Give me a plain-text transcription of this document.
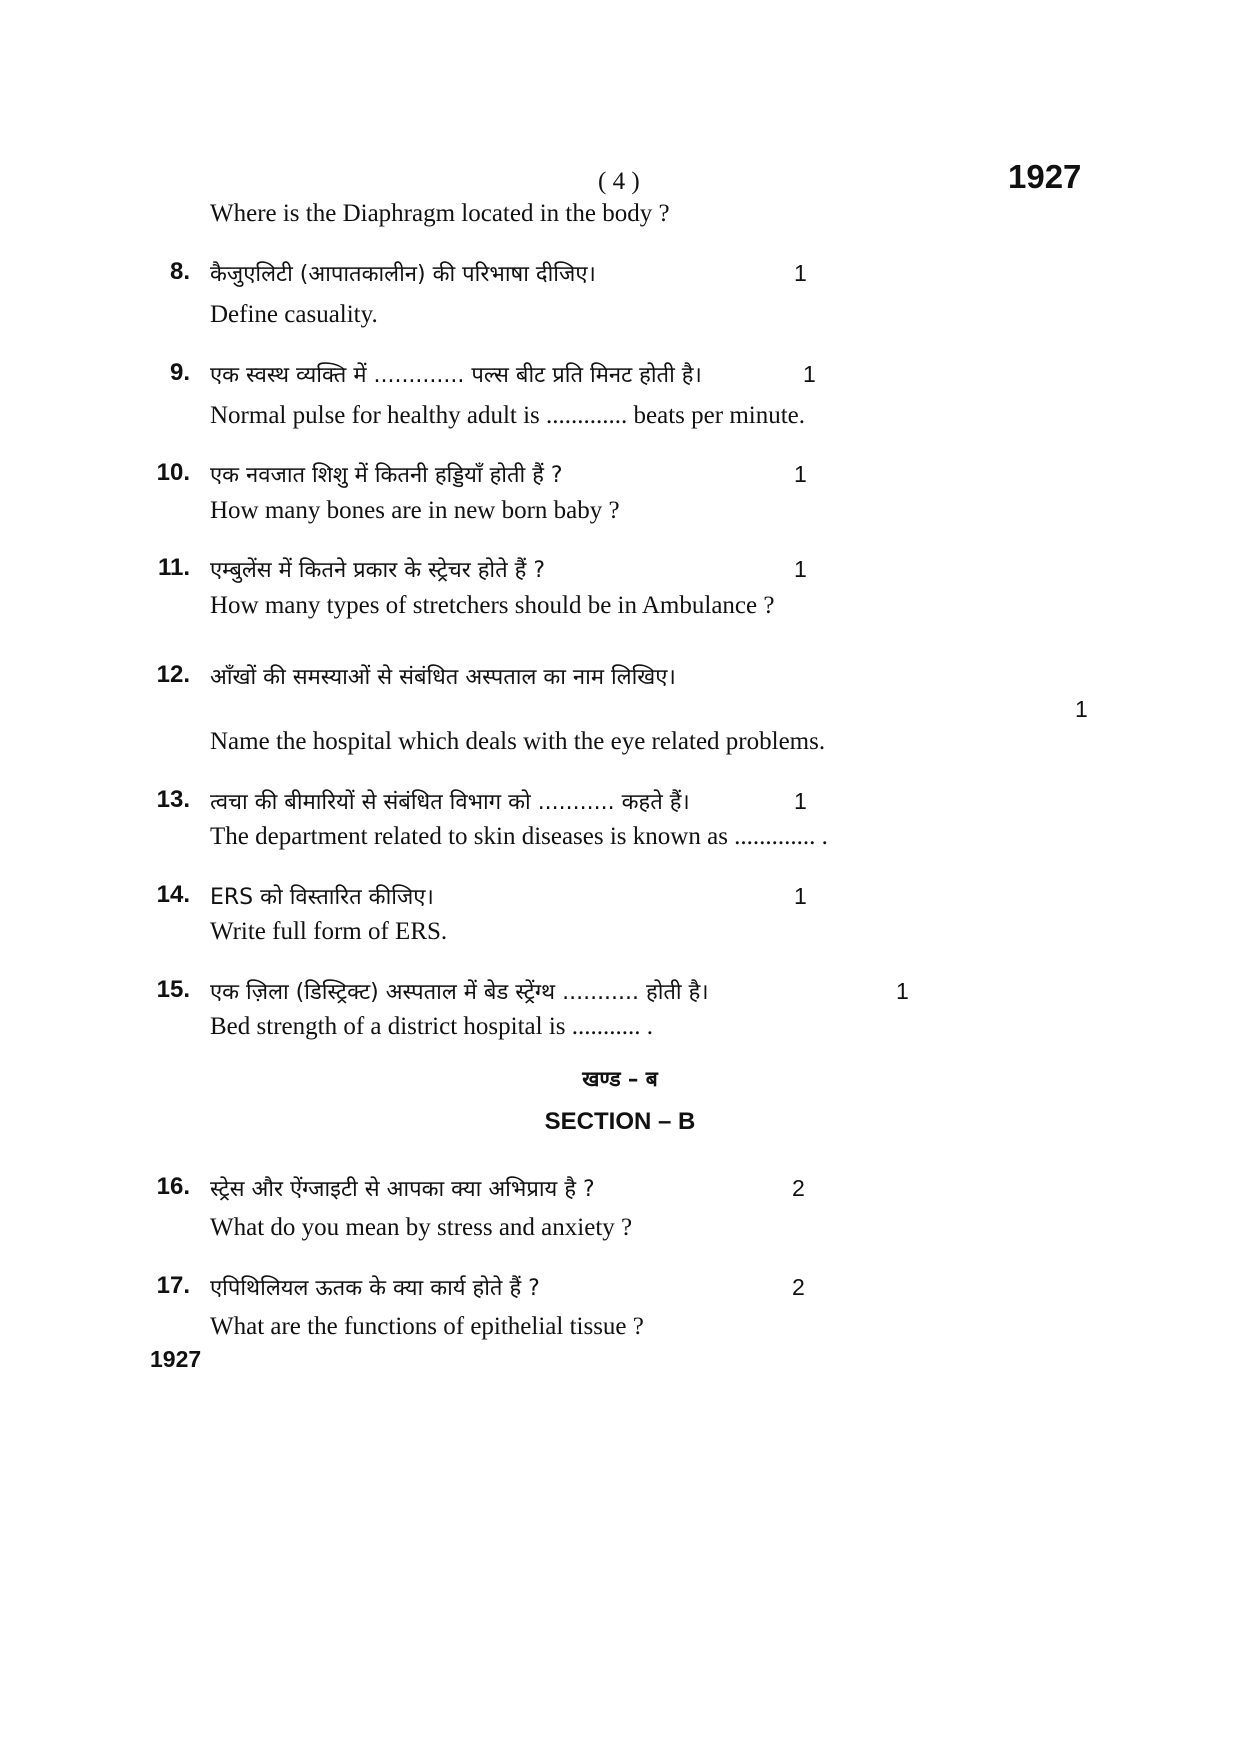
( 4 )	1927
Where is the Diaphragm located in the body ?
8. कैजुएलिटी (आपातकालीन) की परिभाषा दीजिए।	1
Define casuality.
9. एक स्वस्थ व्यक्ति में ............. पल्स बीट प्रति मिनट होती है।	1
Normal pulse for healthy adult is ............. beats per minute.
10. एक नवजात शिशु में कितनी हड्डियाँ होती हैं ?	1
How many bones are in new born baby ?
11. एम्बुलेंस में कितने प्रकार के स्ट्रेचर होते हैं ?	1
How many types of stretchers should be in Ambulance ?
12. आँखों की समस्याओं से संबंधित अस्पताल का नाम लिखिए।
1
Name the hospital which deals with the eye related problems.
13. त्वचा की बीमारियों से संबंधित विभाग को ........... कहते हैं।	1
The department related to skin diseases is known as ............. .
14. ERS को विस्तारित कीजिए।	1
Write full form of ERS.
15. एक ज़िला (डिस्ट्रिक्ट) अस्पताल में बेड स्ट्रेंग्थ ........... होती है।	1
Bed strength of a district hospital is ........... .
खण्ड – ब
SECTION – B
16. स्ट्रेस और ऐंग्जाइटी से आपका क्या अभिप्राय है ?	2
What do you mean by stress and anxiety ?
17. एपिथिलियल ऊतक के क्या कार्य होते हैं ?	2
What are the functions of epithelial tissue ?
1927
